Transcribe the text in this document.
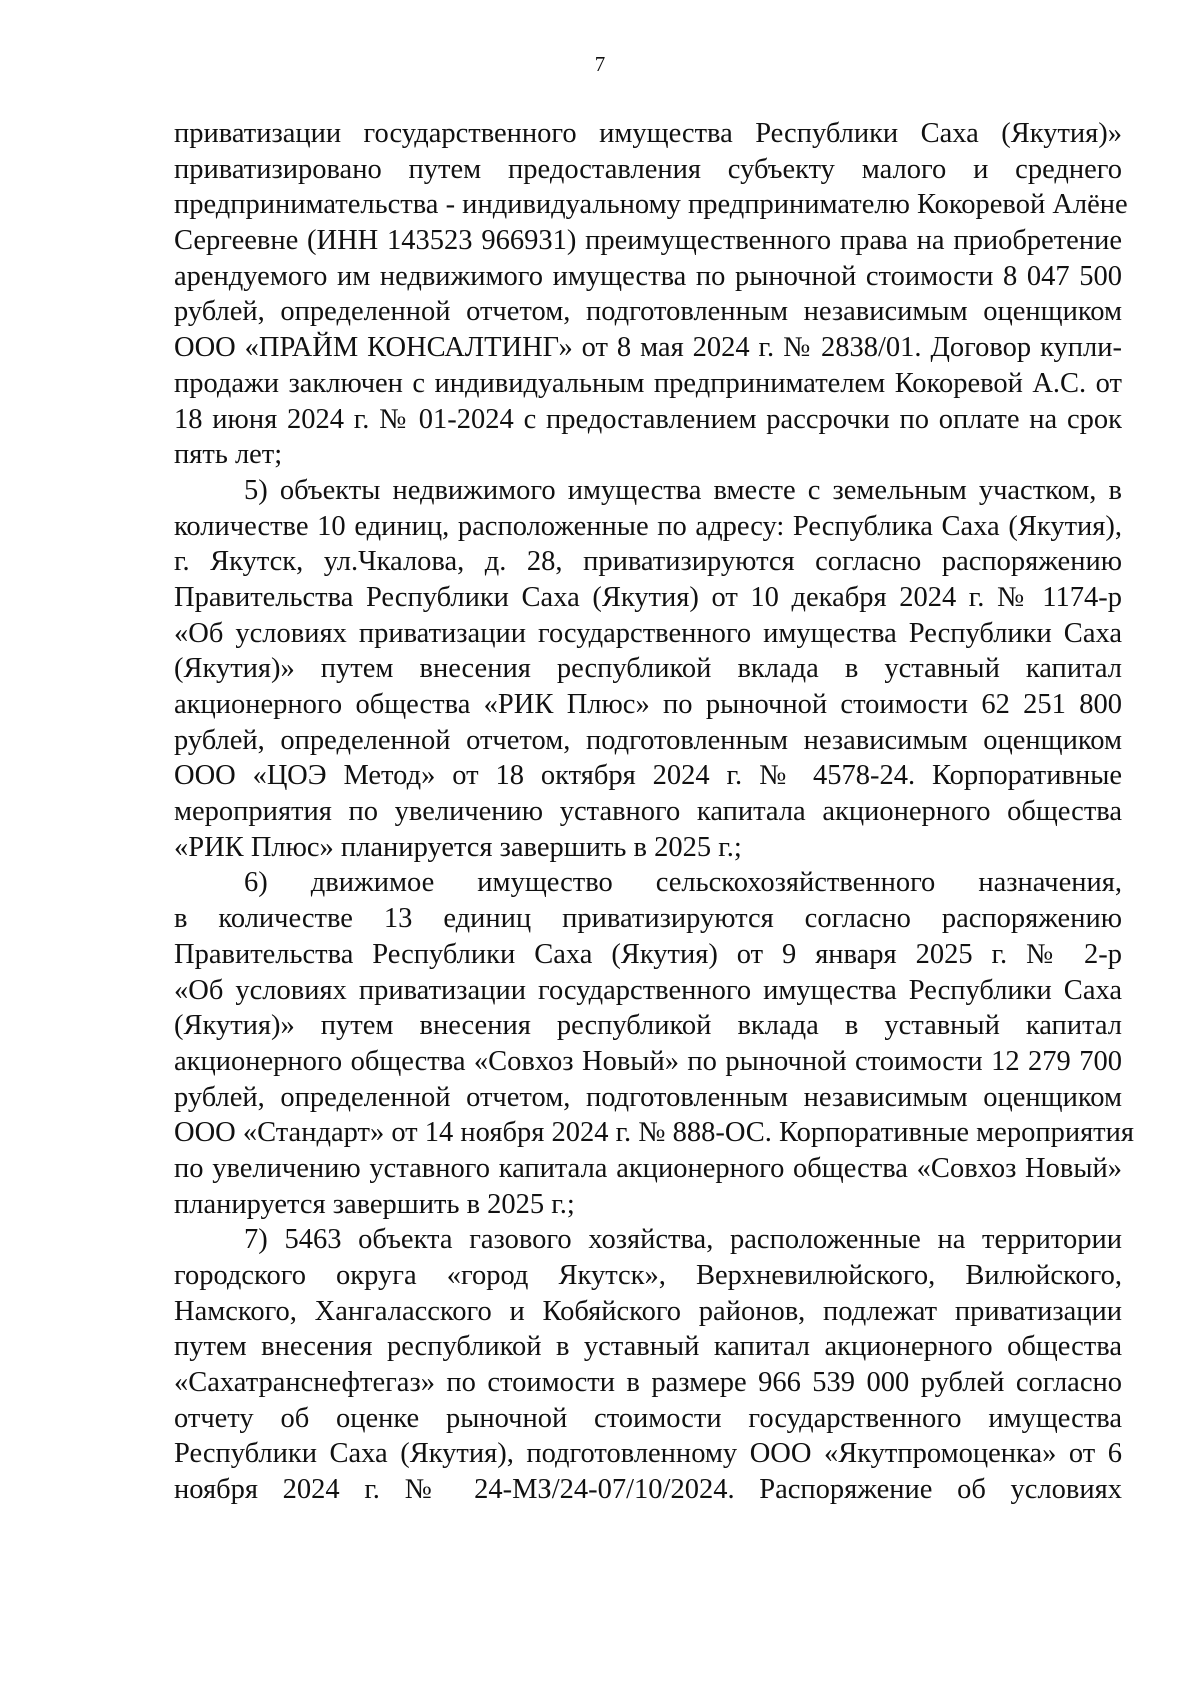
7
приватизации государственного имущества Республики Саха (Якутия)»
приватизировано путем предоставления субъекту малого и среднего
предпринимательства - индивидуальному предпринимателю Кокоревой Алёне
Сергеевне (ИНН 143523 966931) преимущественного права на приобретение
арендуемого им недвижимого имущества по рыночной стоимости 8 047 500
рублей, определенной отчетом, подготовленным независимым оценщиком
ООО «ПРАЙМ КОНСАЛТИНГ» от 8 мая 2024 г. № 2838/01. Договор купли-
продажи заключен с индивидуальным предпринимателем Кокоревой А.С. от
18 июня 2024 г. № 01-2024 с предоставлением рассрочки по оплате на срок
пять лет;
5) объекты недвижимого имущества вместе с земельным участком, в
количестве 10 единиц, расположенные по адресу: Республика Саха (Якутия),
г. Якутск, ул.Чкалова, д. 28, приватизируются согласно распоряжению
Правительства Республики Саха (Якутия) от 10 декабря 2024 г. № 1174-р
«Об условиях приватизации государственного имущества Республики Саха
(Якутия)» путем внесения республикой вклада в уставный капитал
акционерного общества «РИК Плюс» по рыночной стоимости 62 251 800
рублей, определенной отчетом, подготовленным независимым оценщиком
ООО «ЦОЭ Метод» от 18 октября 2024 г. № 4578-24. Корпоративные
мероприятия по увеличению уставного капитала акционерного общества
«РИК Плюс» планируется завершить в 2025 г.;
6) движимое имущество сельскохозяйственного назначения,
в количестве 13 единиц приватизируются согласно распоряжению
Правительства Республики Саха (Якутия) от 9 января 2025 г. № 2-р
«Об условиях приватизации государственного имущества Республики Саха
(Якутия)» путем внесения республикой вклада в уставный капитал
акционерного общества «Совхоз Новый» по рыночной стоимости 12 279 700
рублей, определенной отчетом, подготовленным независимым оценщиком
ООО «Стандарт» от 14 ноября 2024 г. № 888-ОС. Корпоративные мероприятия
по увеличению уставного капитала акционерного общества «Совхоз Новый»
планируется завершить в 2025 г.;
7) 5463 объекта газового хозяйства, расположенные на территории
городского округа «город Якутск», Верхневилюйского, Вилюйского,
Намского, Хангаласского и Кобяйского районов, подлежат приватизации
путем внесения республикой в уставный капитал акционерного общества
«Сахатранснефтегаз» по стоимости в размере 966 539 000 рублей согласно
отчету об оценке рыночной стоимости государственного имущества
Республики Саха (Якутия), подготовленному ООО «Якутпромоценка» от 6
ноября 2024 г. № 24-МЗ/24-07/10/2024. Распоряжение об условиях
